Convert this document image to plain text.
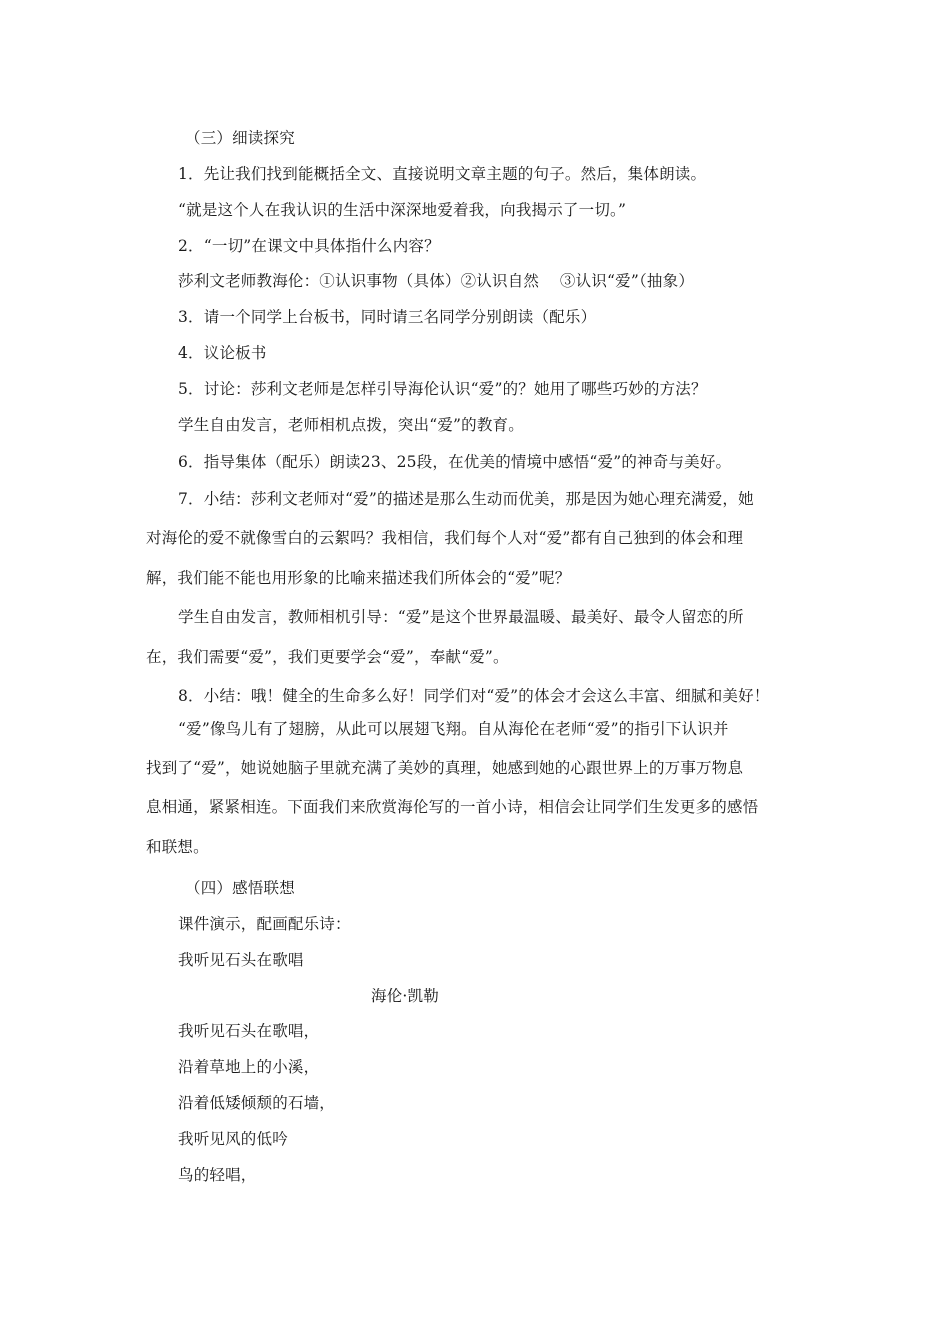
（三）细读探究
1．先让我们找到能概括全文、直接说明文章主题的句子。然后，集体朗读。
“就是这个人在我认识的生活中深深地爱着我，向我揭示了一切。”
2．“一切”在课文中具体指什么内容？
莎利文老师教海伦：①认识事物（具体）②认识自然　 ③认识“爱”（抽象）
3．请一个同学上台板书，同时请三名同学分别朗读（配乐）
4．议论板书
5．讨论：莎利文老师是怎样引导海伦认识“爱”的？她用了哪些巧妙的方法？
学生自由发言，老师相机点拨，突出“爱”的教育。
6．指导集体（配乐）朗读23、25段，在优美的情境中感悟“爱”的神奇与美好。
7．小结：莎利文老师对“爱”的描述是那么生动而优美，那是因为她心理充满爱，她
对海伦的爱不就像雪白的云絮吗？我相信，我们每个人对“爱”都有自己独到的体会和理
解，我们能不能也用形象的比喻来描述我们所体会的“爱”呢？
学生自由发言，教师相机引导：“爱”是这个世界最温暖、最美好、最令人留恋的所
在，我们需要“爱”，我们更要学会“爱”，奉献“爱”。
8．小结：哦！健全的生命多么好！同学们对“爱”的体会才会这么丰富、细腻和美好！
“爱”像鸟儿有了翅膀，从此可以展翅飞翔。自从海伦在老师“爱”的指引下认识并
找到了“爱”，她说她脑子里就充满了美妙的真理，她感到她的心跟世界上的万事万物息
息相通，紧紧相连。下面我们来欣赏海伦写的一首小诗，相信会让同学们生发更多的感悟
和联想。
（四）感悟联想
课件演示，配画配乐诗：
我听见石头在歌唱
海伦·凯勒
我听见石头在歌唱，
沿着草地上的小溪，
沿着低矮倾颓的石墙，
我听见风的低吟
鸟的轻唱，
